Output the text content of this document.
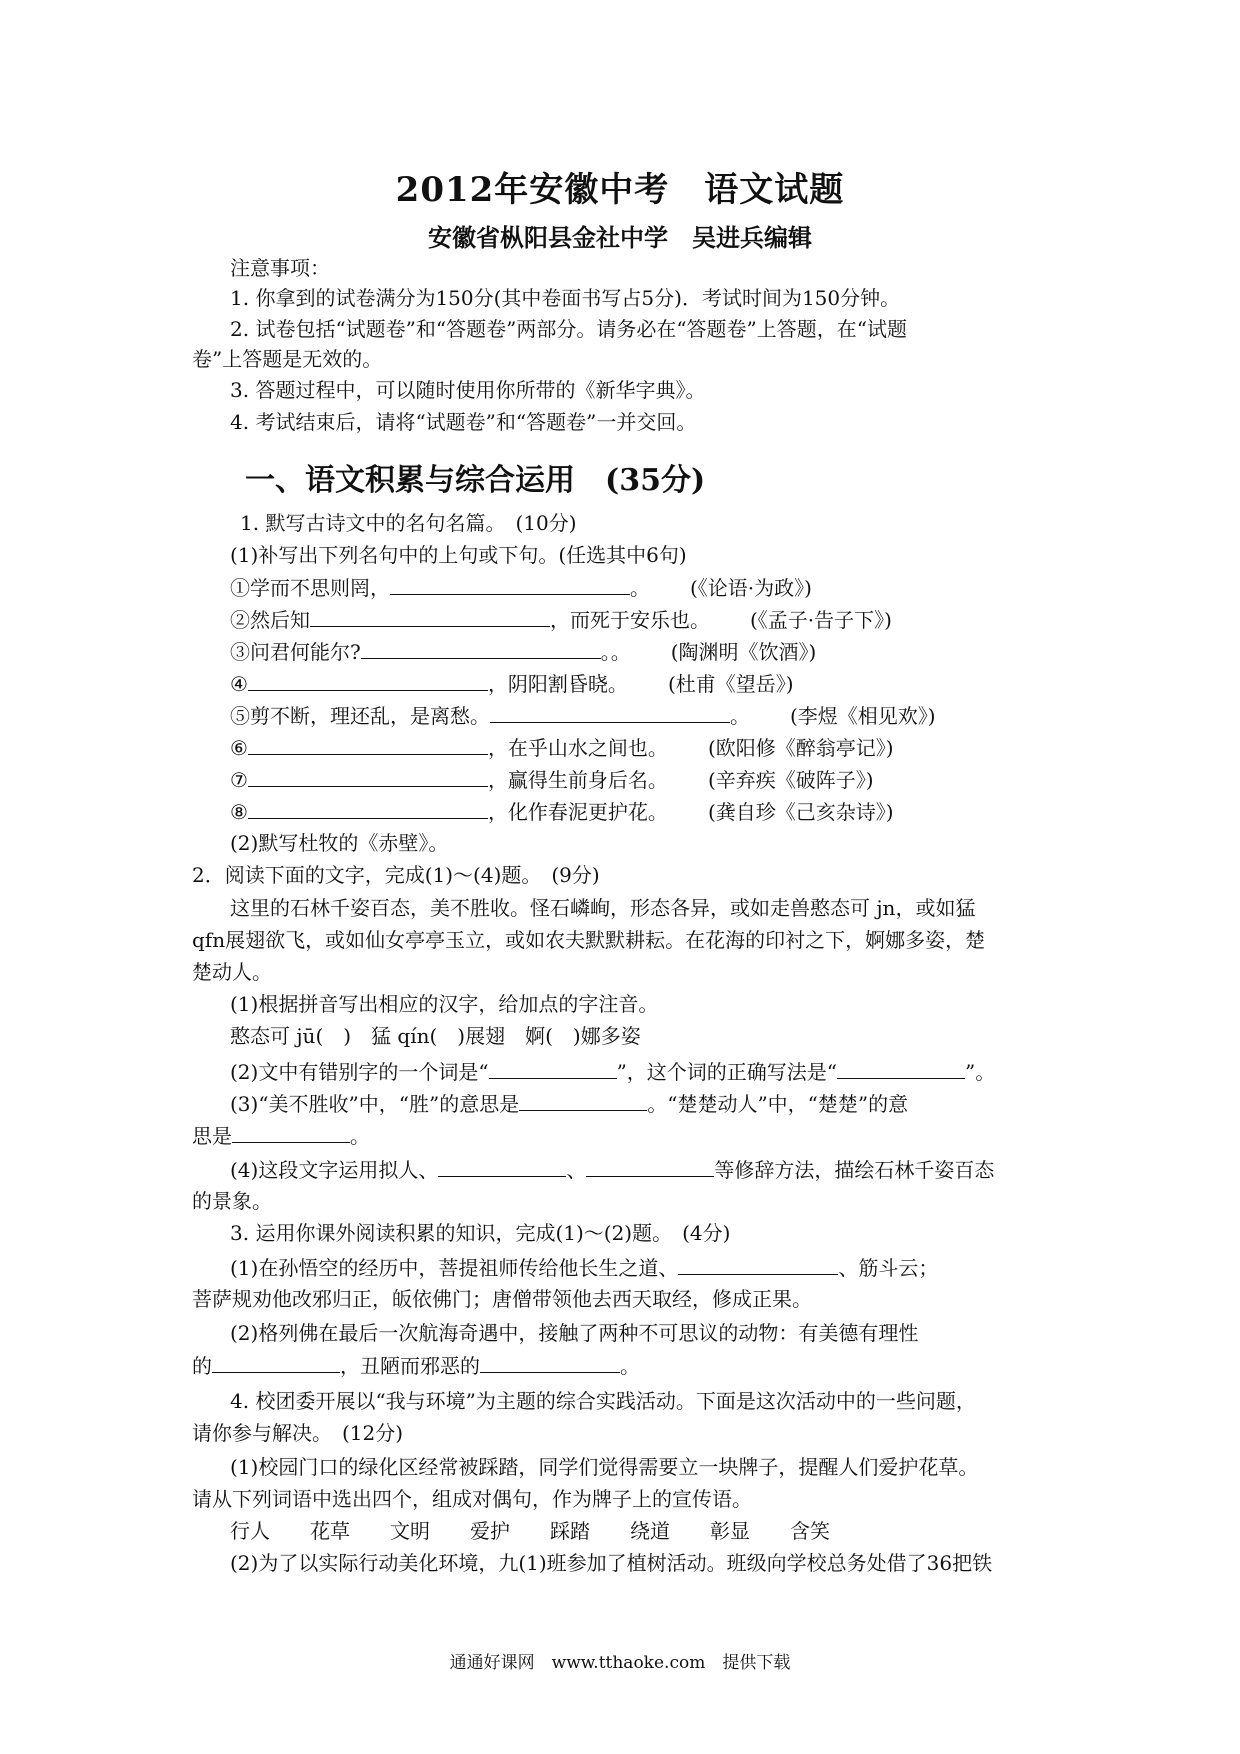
2012年安徽中考　语文试题
安徽省枞阳县金社中学　吴进兵编辑
注意事项：
1. 你拿到的试卷满分为150分(其中卷面书写占5分)．考试时间为150分钟。
2. 试卷包括“试题卷”和“答题卷”两部分。请务必在“答题卷”上答题，在“试题
卷”上答题是无效的。
3. 答题过程中，可以随时使用你所带的《新华字典》。
4. 考试结束后，请将“试题卷”和“答题卷”一并交回。
一、语文积累与综合运用　(35分)
1. 默写古诗文中的名句名篇。　(10分)
(1)补写出下列名句中的上句或下句。(任选其中6句)
①学而不思则罔，	。 (《论语·为政》)
②然后知	，而死于安乐也。 (《孟子·告子下》)
③问君何能尔?	。。 (陶渊明《饮酒》)
④	，阴阳割昏晓。 (杜甫《望岳》)
⑤剪不断，理还乱，是离愁。	。 (李煜《相见欢》)
⑥	，在乎山水之间也。 (欧阳修《醉翁亭记》)
⑦	，赢得生前身后名。 (辛弃疾《破阵子》)
⑧	，化作春泥更护花。 (龚自珍《己亥杂诗》)
(2)默写杜牧的《赤壁》。
2．阅读下面的文字，完成(1)～(4)题。　(9分)
这里的石林千姿百态，美不胜收。怪石嶙峋，形态各异，或如走兽憨态可 jn，或如猛
qfn展翅欲飞，或如仙女亭亭玉立，或如农夫默默耕耘。在花海的印衬之下，婀娜多姿，楚
楚动人。
(1)根据拼音写出相应的汉字，给加点的字注音。
憨态可 jū(　)　猛 qín(　)展翅　婀(　)娜多姿
(2)文中有错别字的一个词是“	”，这个词的正确写法是“	”。
(3)“美不胜收”中，“胜”的意思是	。“楚楚动人”中，“楚楚”的意
思是	。
(4)这段文字运用拟人、	、	等修辞方法，描绘石林千姿百态
的景象。
3. 运用你课外阅读积累的知识，完成(1)～(2)题。　(4分)
(1)在孙悟空的经历中，菩提祖师传给他长生之道、	、筋斗云；
菩萨规劝他改邪归正，皈依佛门；唐僧带领他去西天取经，修成正果。
(2)格列佛在最后一次航海奇遇中，接触了两种不可思议的动物：有美德有理性
的	，丑陋而邪恶的	。
4. 校团委开展以“我与环境”为主题的综合实践活动。下面是这次活动中的一些问题，
请你参与解决。　(12分)
(1)校园门口的绿化区经常被踩踏，同学们觉得需要立一块牌子，提醒人们爱护花草。
请从下列词语中选出四个，组成对偶句，作为牌子上的宣传语。
行人　　花草　　文明　　爱护　　踩踏　　绕道　　彰显　　含笑
(2)为了以实际行动美化环境，九(1)班参加了植树活动。班级向学校总务处借了36把铁
通通好课网　www.tthaoke.com　提供下载
